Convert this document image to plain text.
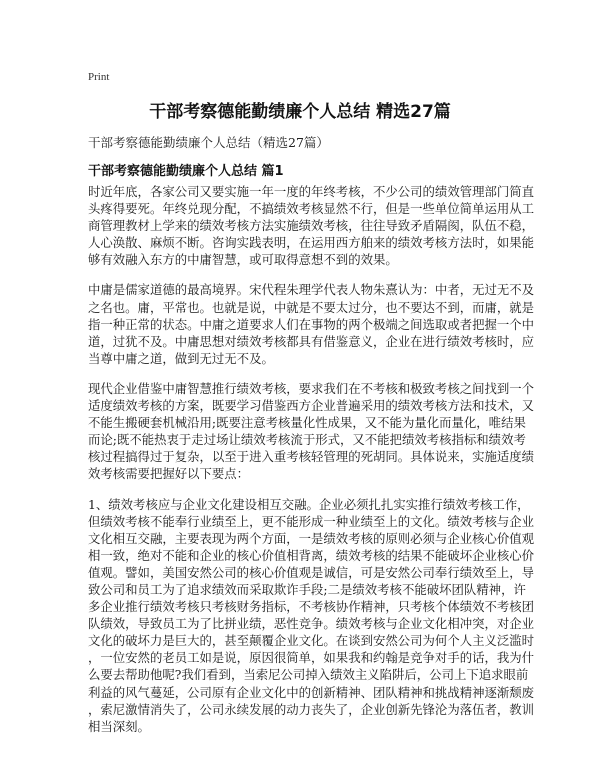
Print
干部考察德能勤绩廉个人总结 精选27篇
干部考察德能勤绩廉个人总结（精选27篇）
干部考察德能勤绩廉个人总结 篇1

时近年底，各家公司又要实施一年一度的年终考核，不少公司的绩效管理部门简直
头疼得要死。年终兑现分配，不搞绩效考核显然不行，但是一些单位简单运用从工
商管理教材上学来的绩效考核方法实施绩效考核，往往导致矛盾隔阂，队伍不稳，
人心涣散、麻烦不断。咨询实践表明，在运用西方舶来的绩效考核方法时，如果能
够有效融入东方的中庸智慧，或可取得意想不到的效果。

中庸是儒家道德的最高境界。宋代程朱理学代表人物朱熹认为：中者，无过无不及
之名也。庸，平常也。也就是说，中就是不要太过分，也不要达不到，而庸，就是
指一种正常的状态。中庸之道要求人们在事物的两个极端之间选取或者把握一个中
道，过犹不及。中庸思想对绩效考核都具有借鉴意义，企业在进行绩效考核时，应
当尊中庸之道，做到无过无不及。

现代企业借鉴中庸智慧推行绩效考核，要求我们在不考核和极致考核之间找到一个
适度绩效考核的方案，既要学习借鉴西方企业普遍采用的绩效考核方法和技术，又
不能生搬硬套机械沿用;既要注意考核量化性成果，又不能为量化而量化，唯结果
而论;既不能热衷于走过场让绩效考核流于形式，又不能把绩效考核指标和绩效考
核过程搞得过于复杂，以至于进入重考核轻管理的死胡同。具体说来，实施适度绩
效考核需要把握好以下要点：

1、绩效考核应与企业文化建设相互交融。企业必须扎扎实实推行绩效考核工作，
但绩效考核不能奉行业绩至上，更不能形成一种业绩至上的文化。绩效考核与企业
文化相互交融，主要表现为两个方面，一是绩效考核的原则必须与企业核心价值观
相一致，绝对不能和企业的核心价值相背离，绩效考核的结果不能破坏企业核心价
值观。譬如，美国安然公司的核心价值观是诚信，可是安然公司奉行绩效至上，导
致公司和员工为了追求绩效而采取欺诈手段;二是绩效考核不能破坏团队精神，许
多企业推行绩效考核只考核财务指标，不考核协作精神，只考核个体绩效不考核团
队绩效，导致员工为了比拼业绩，恶性竞争。绩效考核与企业文化相冲突，对企业
文化的破坏力是巨大的，甚至颠覆企业文化。在谈到安然公司为何个人主义泛滥时
，一位安然的老员工如是说，原因很简单，如果我和约翰是竞争对手的话，我为什
么要去帮助他呢?我们看到，当索尼公司掉入绩效主义陷阱后，公司上下追求眼前
利益的风气蔓延，公司原有企业文化中的创新精神、团队精神和挑战精神逐渐颓废
，索尼激情消失了，公司永续发展的动力丧失了，企业创新先锋沦为落伍者，教训
相当深刻。
